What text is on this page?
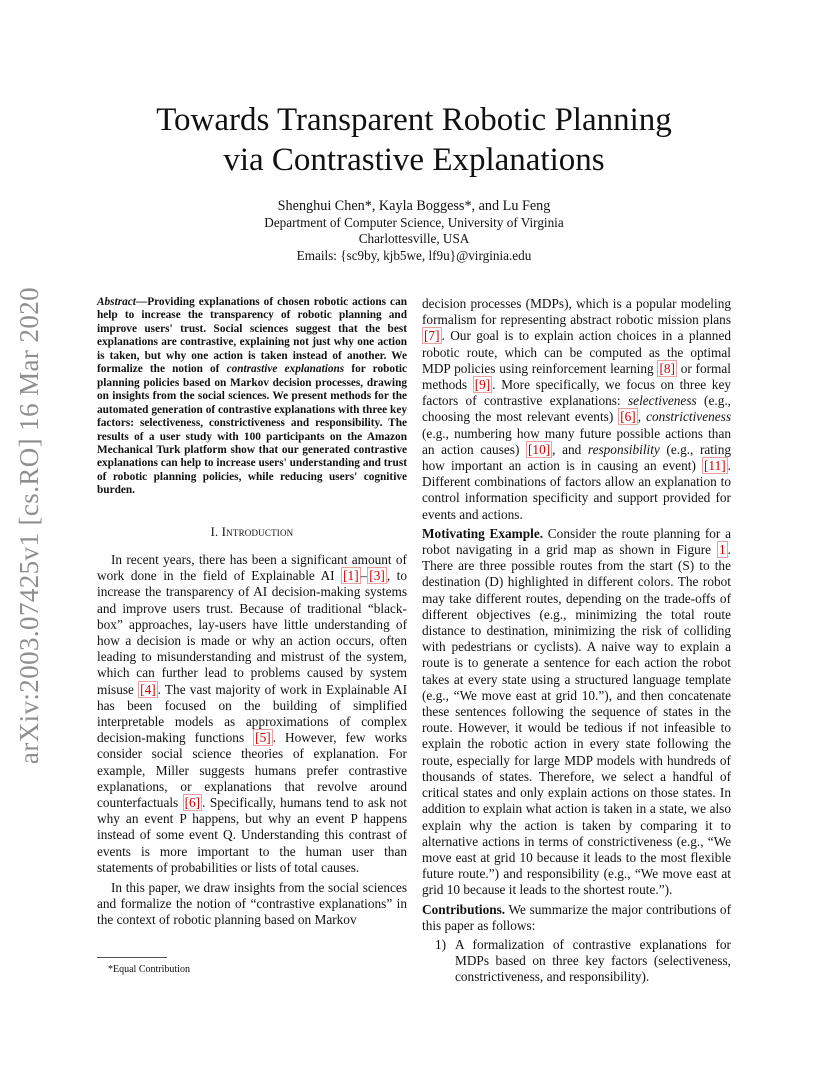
arXiv:2003.07425v1 [cs.RO] 16 Mar 2020
Towards Transparent Robotic Planning
via Contrastive Explanations
Shenghui Chen*, Kayla Boggess*, and Lu Feng
Department of Computer Science, University of Virginia
Charlottesville, USA
Emails: {sc9by, kjb5we, lf9u}@virginia.edu

Abstract—Providing explanations of chosen robotic actions can help to increase the transparency of robotic planning and improve users' trust. Social sciences suggest that the best explanations are contrastive, explaining not just why one action is taken, but why one action is taken instead of another. We formalize the notion of contrastive explanations for robotic planning policies based on Markov decision processes, drawing on insights from the social sciences. We present methods for the automated generation of contrastive explanations with three key factors: selectiveness, constrictiveness and responsibility. The results of a user study with 100 participants on the Amazon Mechanical Turk platform show that our generated contrastive explanations can help to increase users' understanding and trust of robotic planning policies, while reducing users' cognitive burden.

I. Introduction

In recent years, there has been a significant amount of work done in the field of Explainable AI [1] – [3] , to increase the transparency of AI decision-making systems and improve users trust. Because of traditional “black-box” approaches, lay-users have little understanding of how a decision is made or why an action occurs, often leading to misunderstanding and mistrust of the system, which can further lead to problems caused by system misuse [4] . The vast majority of work in Explainable AI has been focused on the building of simplified interpretable models as approximations of complex decision-making functions [5] . However, few works consider social science theories of explanation. For example, Miller suggests humans prefer contrastive explanations, or explanations that revolve around counterfactuals [6] . Specifically, humans tend to ask not why an event P happens, but why an event P happens instead of some event Q. Understanding this contrast of events is more important to the human user than statements of probabilities or lists of total causes.

In this paper, we draw insights from the social sciences and formalize the notion of “contrastive explanations” in the context of robotic planning based on Markov

decision processes (MDPs), which is a popular modeling formalism for representing abstract robotic mission plans [7] . Our goal is to explain action choices in a planned robotic route, which can be computed as the optimal MDP policies using reinforcement learning [8] or formal methods [9] . More specifically, we focus on three key factors of contrastive explanations: selectiveness (e.g., choosing the most relevant events) [6] , constrictiveness (e.g., numbering how many future possible actions than an action causes) [10] , and responsibility (e.g., rating how important an action is in causing an event) [11] . Different combinations of factors allow an explanation to control information specificity and support provided for events and actions.

Motivating Example. Consider the route planning for a robot navigating in a grid map as shown in Figure 1 . There are three possible routes from the start (S) to the destination (D) highlighted in different colors. The robot may take different routes, depending on the trade-offs of different objectives (e.g., minimizing the total route distance to destination, minimizing the risk of colliding with pedestrians or cyclists). A naive way to explain a route is to generate a sentence for each action the robot takes at every state using a structured language template (e.g., “We move east at grid 10.”), and then concatenate these sentences following the sequence of states in the route. However, it would be tedious if not infeasible to explain the robotic action in every state following the route, especially for large MDP models with hundreds of thousands of states. Therefore, we select a handful of critical states and only explain actions on those states. In addition to explain what action is taken in a state, we also explain why the action is taken by comparing it to alternative actions in terms of constrictiveness (e.g., “We move east at grid 10 because it leads to the most flexible future route.”) and responsibility (e.g., “We move east at grid 10 because it leads to the shortest route.”).

Contributions. We summarize the major contributions of this paper as follows:

1) A formalization of contrastive explanations for MDPs based on three key factors (selectiveness, constrictiveness, and responsibility).
*Equal Contribution
